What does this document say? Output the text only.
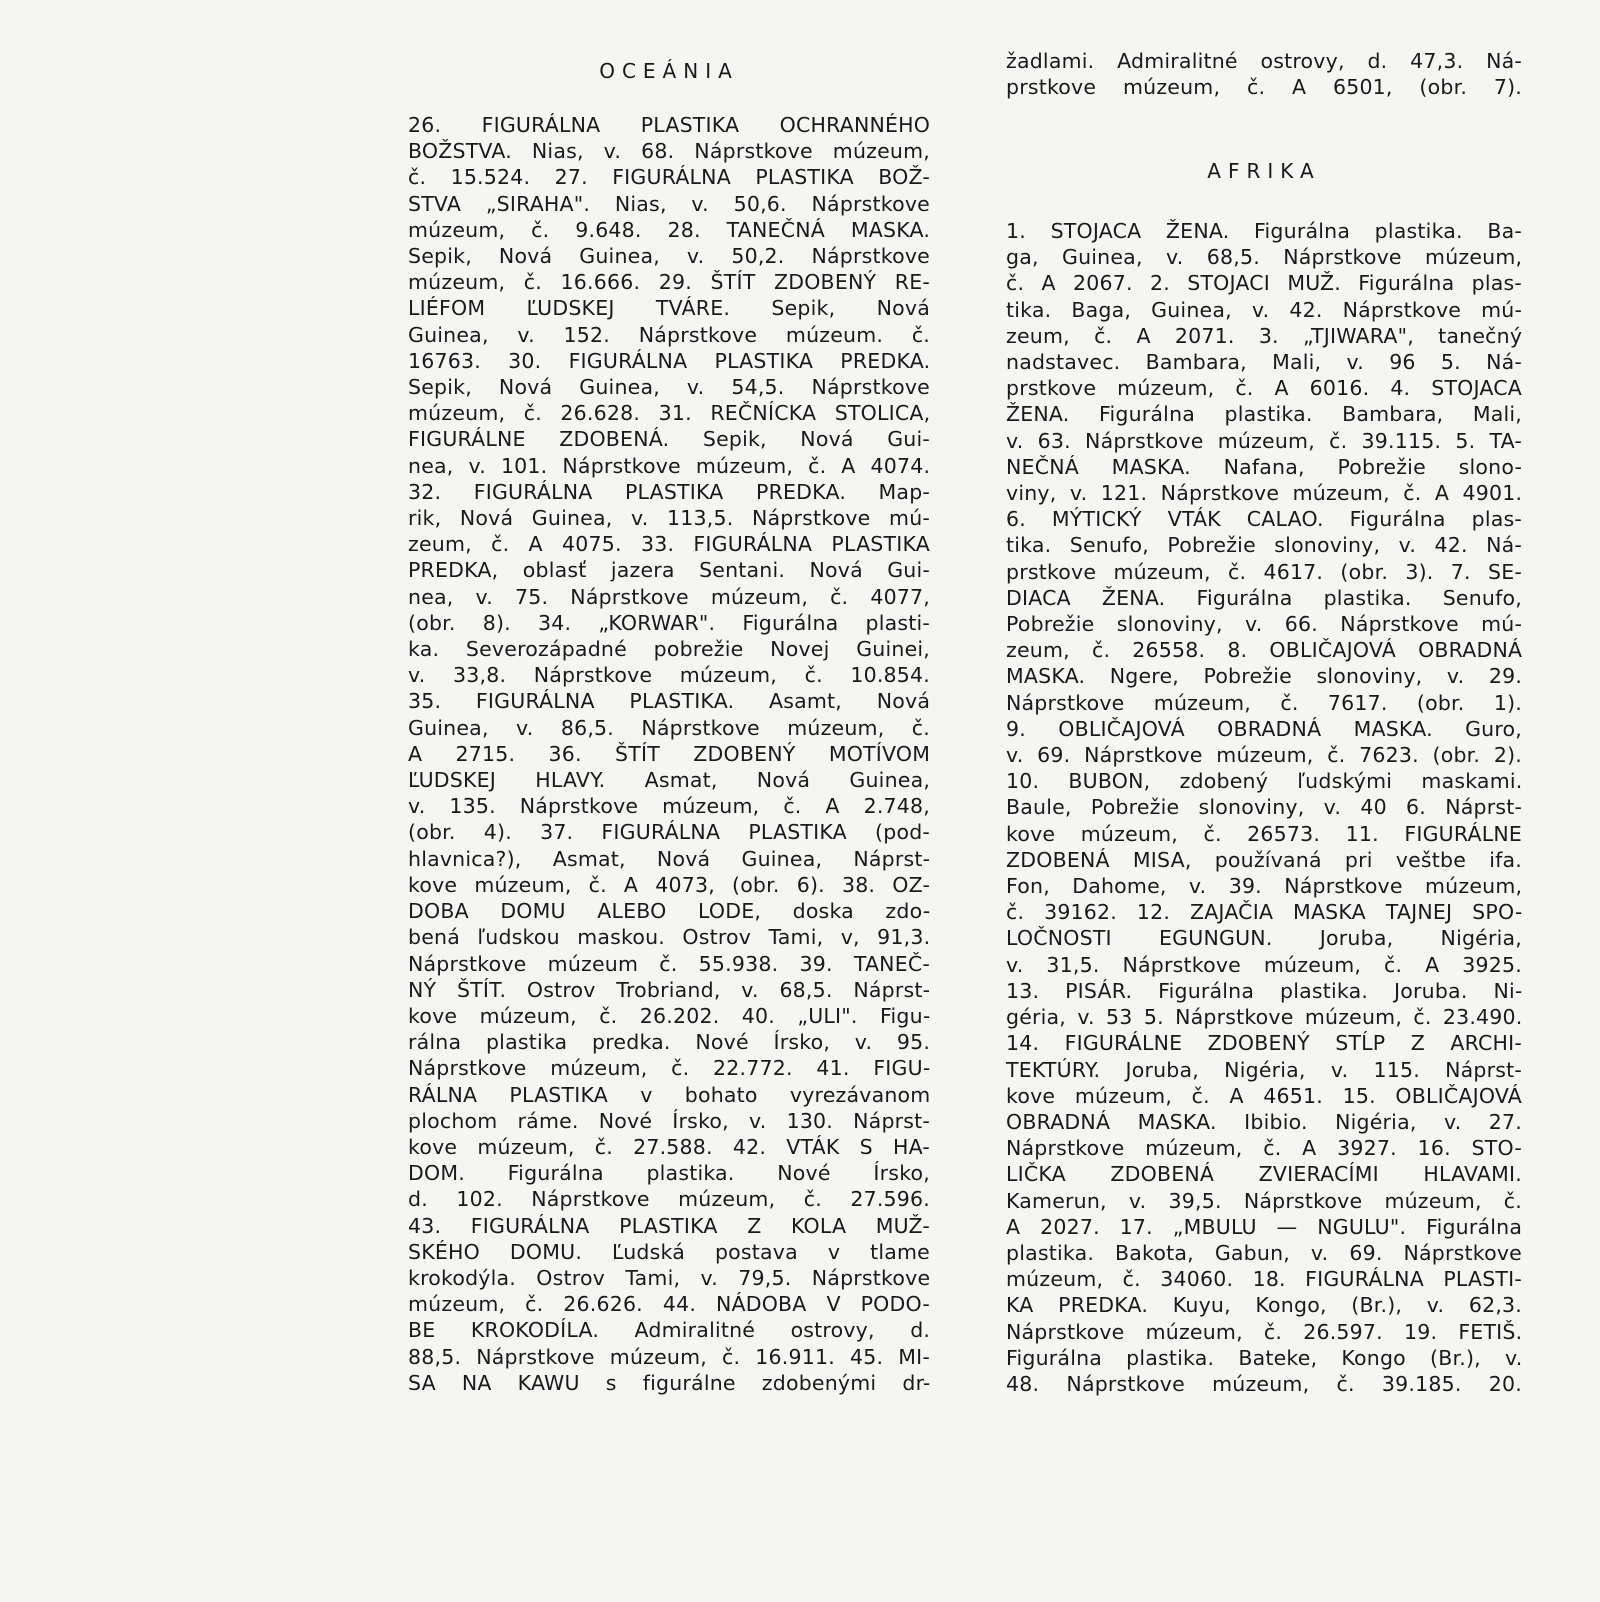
OCEÁNIA
26. FIGURÁLNA PLASTIKA OCHRANNÉHO
BOŽSTVA. Nias, v. 68. Náprstkove múzeum,
č. 15.524. 27. FIGURÁLNA PLASTIKA BOŽ-
STVA „SIRAHA". Nias, v. 50,6. Náprstkove
múzeum, č. 9.648. 28. TANEČNÁ MASKA.
Sepik, Nová Guinea, v. 50,2. Náprstkove
múzeum, č. 16.666. 29. ŠTÍT ZDOBENÝ RE-
LIÉFOM ĽUDSKEJ TVÁRE. Sepik, Nová
Guinea, v. 152. Náprstkove múzeum. č.
16763. 30. FIGURÁLNA PLASTIKA PREDKA.
Sepik, Nová Guinea, v. 54,5. Náprstkove
múzeum, č. 26.628. 31. REČNÍCKA STOLICA,
FIGURÁLNE ZDOBENÁ. Sepik, Nová Gui-
nea, v. 101. Náprstkove múzeum, č. A 4074.
32. FIGURÁLNA PLASTIKA PREDKA. Map-
rik, Nová Guinea, v. 113,5. Náprstkove mú-
zeum, č. A 4075. 33. FIGURÁLNA PLASTIKA
PREDKA, oblasť jazera Sentani. Nová Gui-
nea, v. 75. Náprstkove múzeum, č. 4077,
(obr. 8). 34. „KORWAR". Figurálna plasti-
ka. Severozápadné pobrežie Novej Guinei,
v. 33,8. Náprstkove múzeum, č. 10.854.
35. FIGURÁLNA PLASTIKA. Asamt, Nová
Guinea, v. 86,5. Náprstkove múzeum, č.
A 2715. 36. ŠTÍT ZDOBENÝ MOTÍVOM
ĽUDSKEJ HLAVY. Asmat, Nová Guinea,
v. 135. Náprstkove múzeum, č. A 2.748,
(obr. 4). 37. FIGURÁLNA PLASTIKA (pod-
hlavnica?), Asmat, Nová Guinea, Náprst-
kove múzeum, č. A 4073, (obr. 6). 38. OZ-
DOBA DOMU ALEBO LODE, doska zdo-
bená ľudskou maskou. Ostrov Tami, v, 91,3.
Náprstkove múzeum č. 55.938. 39. TANEČ-
NÝ ŠTÍT. Ostrov Trobriand, v. 68,5. Náprst-
kove múzeum, č. 26.202. 40. „ULI". Figu-
rálna plastika predka. Nové Írsko, v. 95.
Náprstkove múzeum, č. 22.772. 41. FIGU-
RÁLNA PLASTIKA v bohato vyrezávanom
plochom ráme. Nové Írsko, v. 130. Náprst-
kove múzeum, č. 27.588. 42. VTÁK S HA-
DOM. Figurálna plastika. Nové Írsko,
d. 102. Náprstkove múzeum, č. 27.596.
43. FIGURÁLNA PLASTIKA Z KOLA MUŽ-
SKÉHO DOMU. Ľudská postava v tlame
krokodýla. Ostrov Tami, v. 79,5. Náprstkove
múzeum, č. 26.626. 44. NÁDOBA V PODO-
BE KROKODÍLA. Admiralitné ostrovy, d.
88,5. Náprstkove múzeum, č. 16.911. 45. MI-
SA NA KAWU s figurálne zdobenými dr-
žadlami. Admiralitné ostrovy, d. 47,3. Ná-
prstkove múzeum, č. A 6501, (obr. 7).
AFRIKA
1. STOJACA ŽENA. Figurálna plastika. Ba-
ga, Guinea, v. 68,5. Náprstkove múzeum,
č. A 2067. 2. STOJACI MUŽ. Figurálna plas-
tika. Baga, Guinea, v. 42. Náprstkove mú-
zeum, č. A 2071. 3. „TJIWARA", tanečný
nadstavec. Bambara, Mali, v. 96 5. Ná-
prstkove múzeum, č. A 6016. 4. STOJACA
ŽENA. Figurálna plastika. Bambara, Mali,
v. 63. Náprstkove múzeum, č. 39.115. 5. TA-
NEČNÁ MASKA. Nafana, Pobrežie slono-
viny, v. 121. Náprstkove múzeum, č. A 4901.
6. MÝTICKÝ VTÁK CALAO. Figurálna plas-
tika. Senufo, Pobrežie slonoviny, v. 42. Ná-
prstkove múzeum, č. 4617. (obr. 3). 7. SE-
DIACA ŽENA. Figurálna plastika. Senufo,
Pobrežie slonoviny, v. 66. Náprstkove mú-
zeum, č. 26558. 8. OBLIČAJOVÁ OBRADNÁ
MASKA. Ngere, Pobrežie slonoviny, v. 29.
Náprstkove múzeum, č. 7617. (obr. 1).
9. OBLIČAJOVÁ OBRADNÁ MASKA. Guro,
v. 69. Náprstkove múzeum, č. 7623. (obr. 2).
10. BUBON, zdobený ľudskými maskami.
Baule, Pobrežie slonoviny, v. 40 6. Náprst-
kove múzeum, č. 26573. 11. FIGURÁLNE
ZDOBENÁ MISA, používaná pri veštbe ifa.
Fon, Dahome, v. 39. Náprstkove múzeum,
č. 39162. 12. ZAJAČIA MASKA TAJNEJ SPO-
LOČNOSTI EGUNGUN. Joruba, Nigéria,
v. 31,5. Náprstkove múzeum, č. A 3925.
13. PISÁR. Figurálna plastika. Joruba. Ni-
géria, v. 53 5. Náprstkove múzeum, č. 23.490.
14. FIGURÁLNE ZDOBENÝ STĹP Z ARCHI-
TEKTÚRY. Joruba, Nigéria, v. 115. Náprst-
kove múzeum, č. A 4651. 15. OBLIČAJOVÁ
OBRADNÁ MASKA. Ibibio. Nigéria, v. 27.
Náprstkove múzeum, č. A 3927. 16. STO-
LIČKA ZDOBENÁ ZVIERACÍMI HLAVAMI.
Kamerun, v. 39,5. Náprstkove múzeum, č.
A 2027. 17. „MBULU — NGULU". Figurálna
plastika. Bakota, Gabun, v. 69. Náprstkove
múzeum, č. 34060. 18. FIGURÁLNA PLASTI-
KA PREDKA. Kuyu, Kongo, (Br.), v. 62,3.
Náprstkove múzeum, č. 26.597. 19. FETIŠ.
Figurálna plastika. Bateke, Kongo (Br.), v.
48. Náprstkove múzeum, č. 39.185. 20.
